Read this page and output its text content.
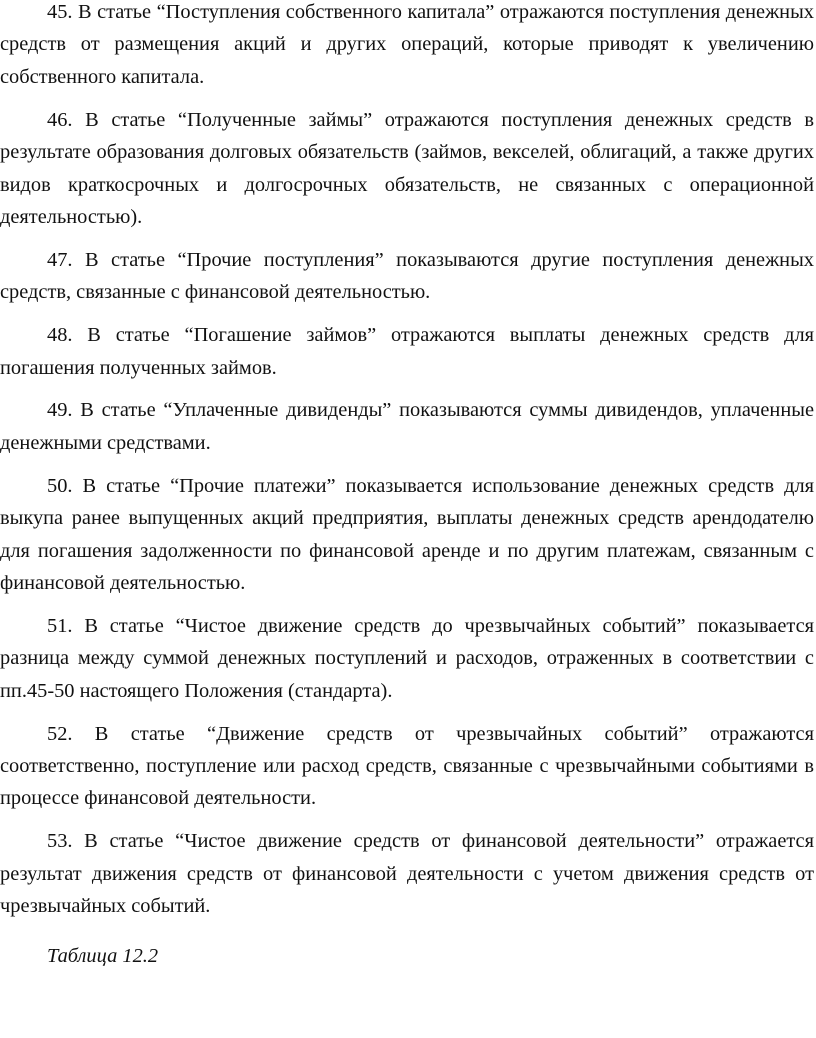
45. В статье “Поступления собственного капитала” отражаются поступления денежных средств от размещения акций и других операций, которые приводят к увеличению собственного капитала.

46. В статье “Полученные займы” отражаются поступления денежных средств в результате образования долговых обязательств (займов, векселей, облигаций, а также других видов краткосрочных и долгосрочных обязательств, не связанных с операционной деятельностью).

47. В статье “Прочие поступления” показываются другие поступления денежных средств, связанные с финансовой деятельностью.

48. В статье “Погашение займов” отражаются выплаты денежных средств для погашения полученных займов.

49. В статье “Уплаченные дивиденды” показываются суммы дивидендов, уплаченные денежными средствами.

50. В статье “Прочие платежи” показывается использование денежных средств для выкупа ранее выпущенных акций предприятия, выплаты денежных средств арендодателю для погашения задолженности по финансовой аренде и по другим платежам, связанным с финансовой деятельностью.

51. В статье “Чистое движение средств до чрезвычайных событий” показывается разница между суммой денежных поступлений и расходов, отраженных в соответствии с пп.45-50 настоящего Положения (стандарта).

52. В статье “Движение средств от чрезвычайных событий” отражаются соответственно, поступление или расход средств, связанные с чрезвычайными событиями в процессе финансовой деятельности.

53. В статье “Чистое движение средств от финансовой деятельности” отражается результат движения средств от финансовой деятельности с учетом движения средств от чрезвычайных событий.

Таблица 12.2
